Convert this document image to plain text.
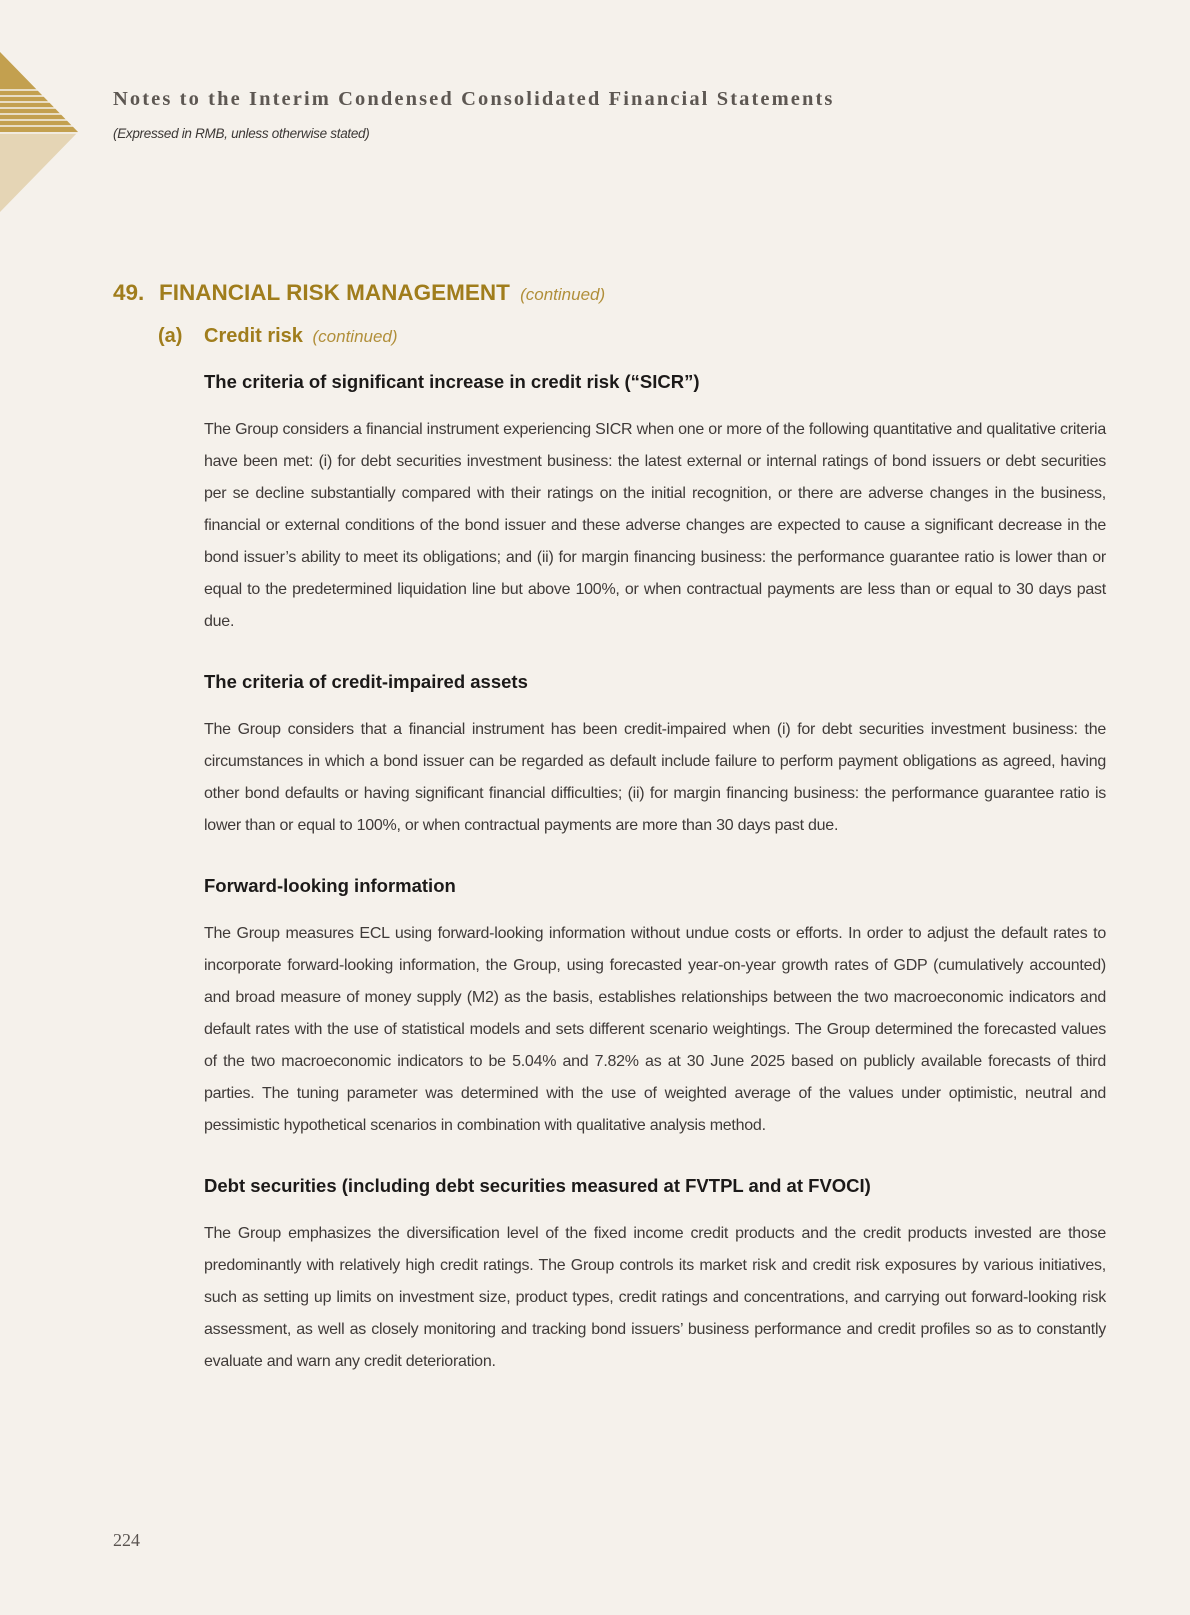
Notes to the Interim Condensed Consolidated Financial Statements
(Expressed in RMB, unless otherwise stated)
49. FINANCIAL RISK MANAGEMENT (continued)
(a) Credit risk (continued)
The criteria of significant increase in credit risk (“SICR”)
The Group considers a financial instrument experiencing SICR when one or more of the following quantitative and qualitative criteria have been met: (i) for debt securities investment business: the latest external or internal ratings of bond issuers or debt securities per se decline substantially compared with their ratings on the initial recognition, or there are adverse changes in the business, financial or external conditions of the bond issuer and these adverse changes are expected to cause a significant decrease in the bond issuer’s ability to meet its obligations; and (ii) for margin financing business: the performance guarantee ratio is lower than or equal to the predetermined liquidation line but above 100%, or when contractual payments are less than or equal to 30 days past due.
The criteria of credit-impaired assets
The Group considers that a financial instrument has been credit-impaired when (i) for debt securities investment business: the circumstances in which a bond issuer can be regarded as default include failure to perform payment obligations as agreed, having other bond defaults or having significant financial difficulties; (ii) for margin financing business: the performance guarantee ratio is lower than or equal to 100%, or when contractual payments are more than 30 days past due.
Forward-looking information
The Group measures ECL using forward-looking information without undue costs or efforts. In order to adjust the default rates to incorporate forward-looking information, the Group, using forecasted year-on-year growth rates of GDP (cumulatively accounted) and broad measure of money supply (M2) as the basis, establishes relationships between the two macroeconomic indicators and default rates with the use of statistical models and sets different scenario weightings. The Group determined the forecasted values of the two macroeconomic indicators to be 5.04% and 7.82% as at 30 June 2025 based on publicly available forecasts of third parties. The tuning parameter was determined with the use of weighted average of the values under optimistic, neutral and pessimistic hypothetical scenarios in combination with qualitative analysis method.
Debt securities (including debt securities measured at FVTPL and at FVOCI)
The Group emphasizes the diversification level of the fixed income credit products and the credit products invested are those predominantly with relatively high credit ratings. The Group controls its market risk and credit risk exposures by various initiatives, such as setting up limits on investment size, product types, credit ratings and concentrations, and carrying out forward-looking risk assessment, as well as closely monitoring and tracking bond issuers’ business performance and credit profiles so as to constantly evaluate and warn any credit deterioration.
224
